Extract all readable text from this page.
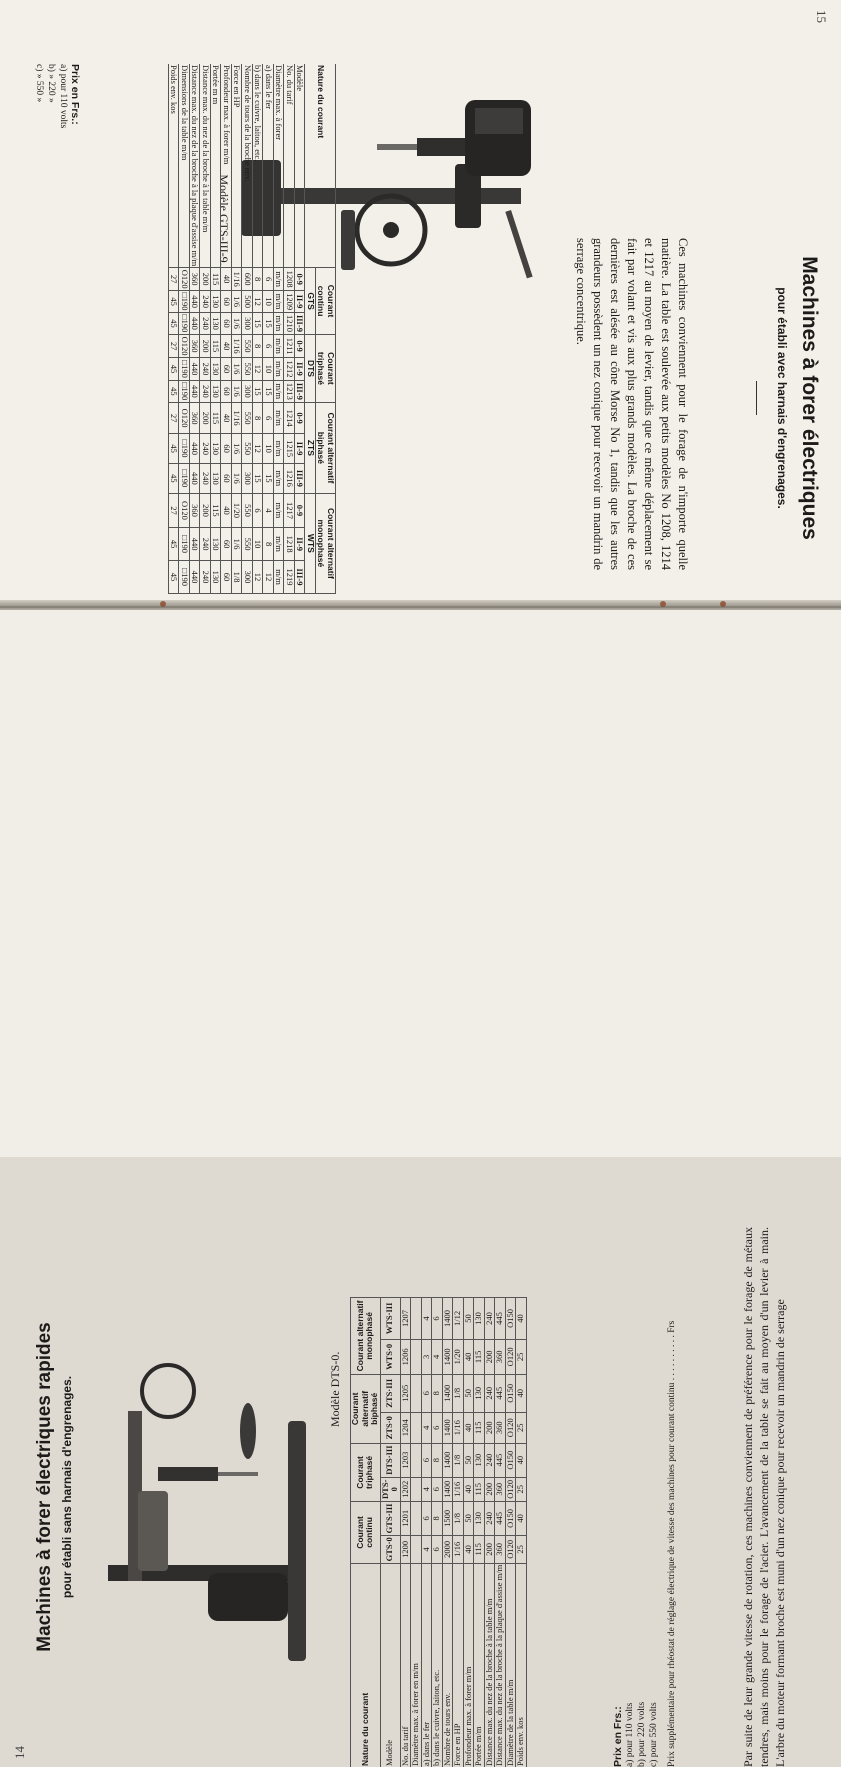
15
Machines à forer électriques
pour établi avec harnais d'engrenages.
Ces machines conviennent pour le forage de n'importe quelle matière. La table est soulevée aux petits modèles No 1208, 1214 et 1217 au moyen de levier, tandis que ce même déplacement se fait par volant et vis aux plus grands modèles. La broche de ces dernières est alésée au cône Morse No 1, tandis que les autres grandeurs possèdent un nez conique pour recevoir un mandrin de serrage concentrique.
Modèle GTS-III-9.
Nature du courant	Courant continu			Courant triphasé			Courant alternatif biphasé			Courant alternatif monophasé		
	GTS			DTS			ZTS			WTS		
Modèle	0-9	II-9	III-9	0-9	II-9	III-9	0-9	II-9	III-9	0-9	II-9	III-9
No. du tarif	1208	1209	1210	1211	1212	1213	1214	1215	1216	1217	1218	1219
Diamètre max. à forer	m/m	m/m	m/m	m/m	m/m	m/m	m/m	m/m	m/m	m/m	m/m	m/m
a) dans le fer	6	10	15	6	10	15	6	10	15	4	8	12
b) dans le cuivre, laiton, etc.	8	12	15	8	12	15	8	12	15	6	10	12
Nombre de tours de la broche env.	600	500	300	550	550	300	550	550	300	550	550	300
Force en HP	1/16	1/6	1/6	1/16	1/6	1/6	1/16	1/6	1/6	1/20	1/6	1/8
Profondeur max. à forer m/m	40	60	60	40	60	60	40	60	60	40	60	60
Portée m m	115	130	130	115	130	130	115	130	130	115	130	130
Distance max. du nez de la broche à la table m/m	200	240	240	200	240	240	200	240	240	200	240	240
Distance max. du nez de la broche à la plaque d'assise m/m	360	440	440	360	440	440	360	440	440	360	440	440
Dimensions de la table m/m	O120	□190	□190	O120	□190	□190	O120	□190	□190	O120	□190	□190
Poids env. kos	27	45	45	27	45	45	27	45	45	27	45	45
Prix en Frs.:
a) pour 110 volts
b) » 220 »
c) » 550 »
14
Machines à forer électriques rapides pour établi sans harnais d'engrenages.	Modèle DTS-0.
Nature du courant	Courant continu		Courant triphasé		Courant alternatif biphasé		Courant alternatif monophasé	
Modèle	GTS·0	GTS·III	DTS-0	DTS·III	ZTS·0	ZTS·III	WTS·0	WTS·III
No. du tarif	1200	1201	1202	1203	1204	1205	1206	1207
Diamètre max. à forer en m/m								
a) dans le fer	4	6	4	6	4	6	3	4
b) dans le cuivre, laiton, etc.	6	8	6	8	6	8	4	6
Nombre de tours env.	2000	1500	1400	1400	1400	1400	1400	1400
Force en HP	1/16	1/8	1/16	1/8	1/16	1/8	1/20	1/12
Profondeur max. à forer m/m	40	50	40	50	40	50	40	50
Portée m/m	115	130	115	130	115	130	115	130
Distance max. du nez de la broche à la table m/m	200	240	200	240	200	240	200	240
Distance max. du nez de la broche à la plaque d'assise m/m	360	445	360	445	360	445	360	445
Diamètre de la table m/m	O120	O150	O120	O150	O120	O150	O120	O150
Poids env. kos	25	40	25	40	25	40	25	40
Prix en Frs.: a) pour 110 volts b) pour 220 volts c) pour 550 volts Prix supplémentaire pour rhéostat de réglage électrique de vitesse des machines pour courant continu . . . . . . . . . . Frs	Par suite de leur grande vitesse de rotation, ces machines conviennent de préférence pour le forage de métaux tendres, mais moins pour le forage de l'acier. L'avancement de la table se fait au moyen d'un levier à main. L'arbre du moteur formant broche est muni d'un nez conique pour recevoir un mandrin de serrage
